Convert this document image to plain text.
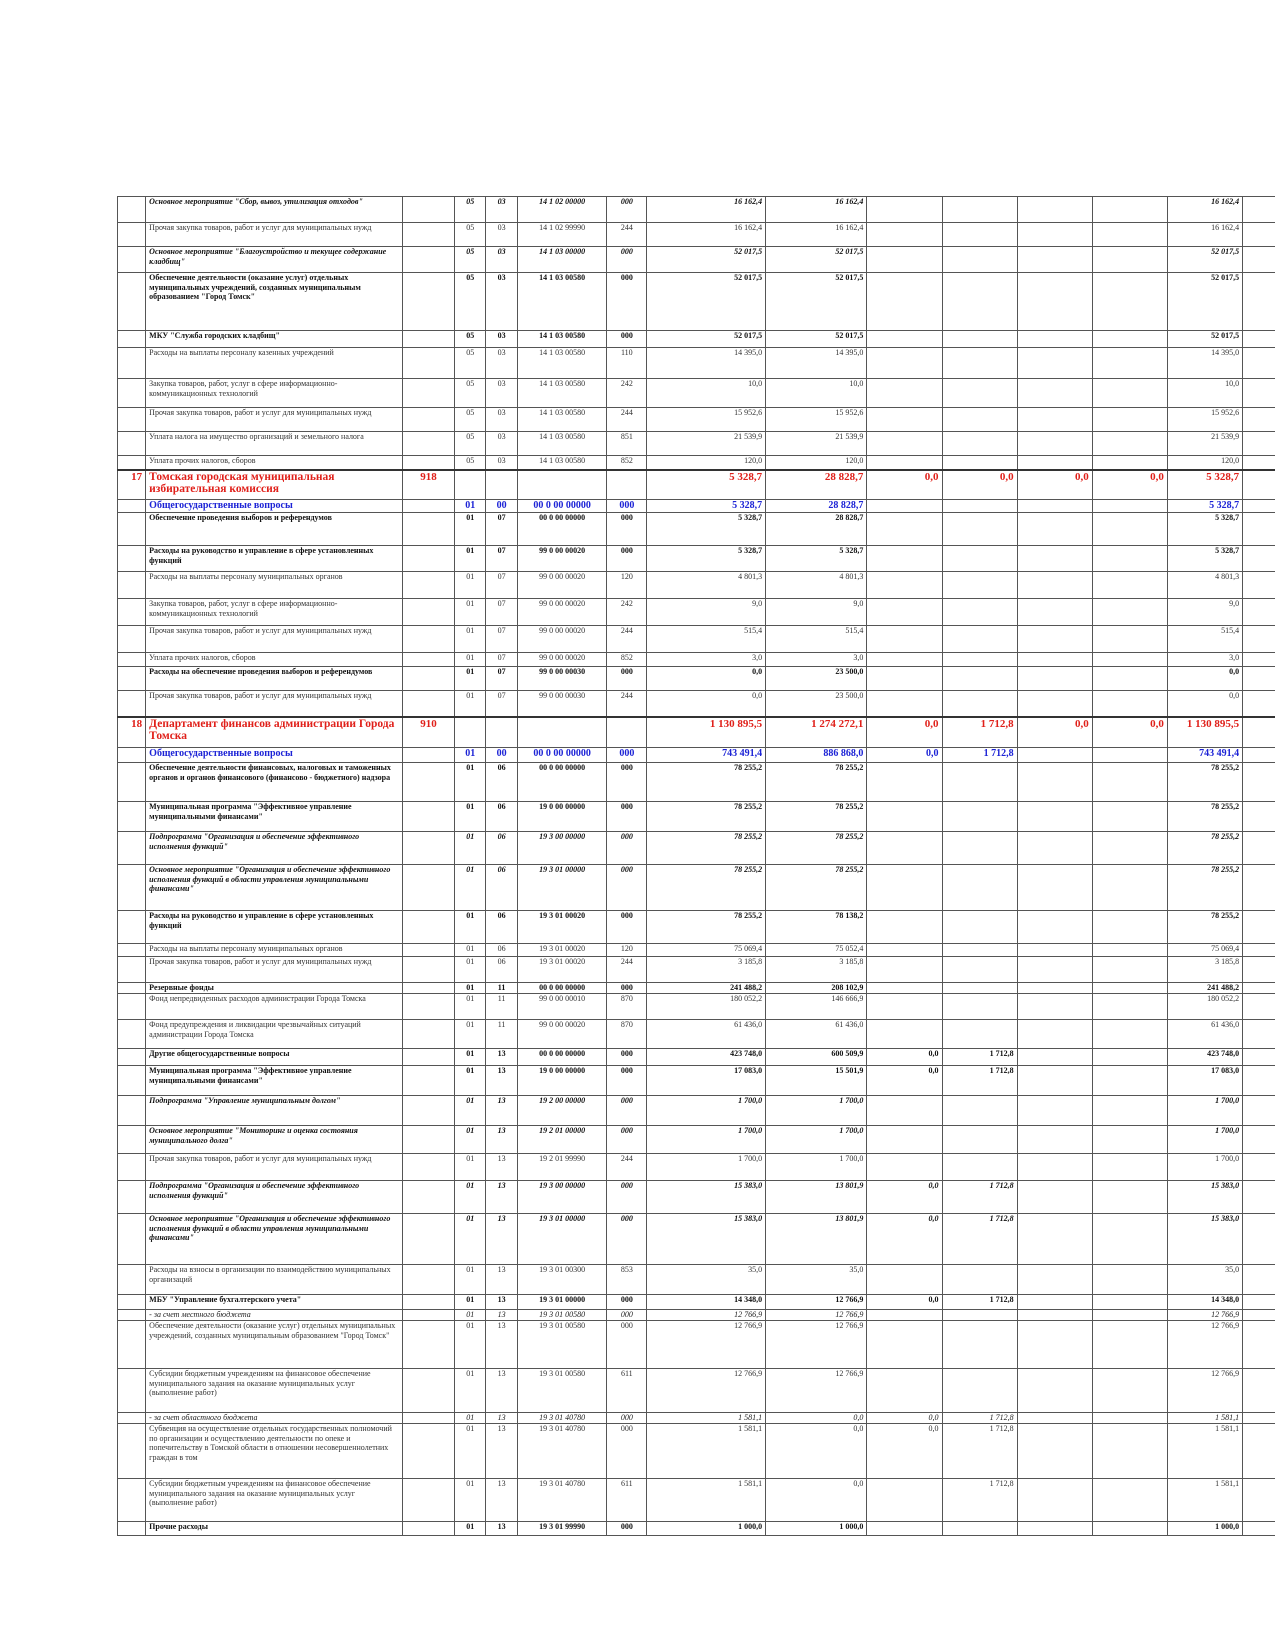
	Основное мероприятие "Сбор, вывоз, утилизация отходов"		05	03	14 1 02 00000	000	16 162,4	16 162,4					16 162,4	
	Прочая закупка товаров, работ и услуг для муниципальных нужд		05	03	14 1 02 99990	244	16 162,4	16 162,4					16 162,4	
	Основное мероприятие "Благоустройство и текущее содержание кладбищ"		05	03	14 1 03 00000	000	52 017,5	52 017,5					52 017,5	
	Обеспечение деятельности (оказание услуг) отдельных муниципальных учреждений, созданных муниципальным образованием "Город Томск"		05	03	14 1 03 00580	000	52 017,5	52 017,5					52 017,5	
	МКУ "Служба городских кладбищ"		05	03	14 1 03 00580	000	52 017,5	52 017,5					52 017,5	
	Расходы на выплаты персоналу казенных учреждений		05	03	14 1 03 00580	110	14 395,0	14 395,0					14 395,0	
	Закупка товаров, работ, услуг в сфере информационно-коммуникационных технологий		05	03	14 1 03 00580	242	10,0	10,0					10,0	
	Прочая закупка товаров, работ и услуг для муниципальных нужд		05	03	14 1 03 00580	244	15 952,6	15 952,6					15 952,6	
	Уплата налога на имущество организаций и земельного налога		05	03	14 1 03 00580	851	21 539,9	21 539,9					21 539,9	
	Уплата прочих налогов, сборов		05	03	14 1 03 00580	852	120,0	120,0					120,0	
17	Томская городская муниципальная избирательная комиссия	918					5 328,7	28 828,7	0,0	0,0	0,0	0,0	5 328,7	
	Общегосударственные вопросы		01	00	00 0 00 00000	000	5 328,7	28 828,7					5 328,7	
	Обеспечение проведения выборов и референдумов		01	07	00 0 00 00000	000	5 328,7	28 828,7					5 328,7	
	Расходы на руководство и управление в сфере установленных функций		01	07	99 0 00 00020	000	5 328,7	5 328,7					5 328,7	
	Расходы на выплаты персоналу муниципальных органов		01	07	99 0 00 00020	120	4 801,3	4 801,3					4 801,3	
	Закупка товаров, работ, услуг в сфере информационно-коммуникационных технологий		01	07	99 0 00 00020	242	9,0	9,0					9,0	
	Прочая закупка товаров, работ и услуг для муниципальных нужд		01	07	99 0 00 00020	244	515,4	515,4					515,4	
	Уплата прочих налогов, сборов		01	07	99 0 00 00020	852	3,0	3,0					3,0	
	Расходы на обеспечение проведения выборов и референдумов		01	07	99 0 00 00030	000	0,0	23 500,0					0,0	
	Прочая закупка товаров, работ и услуг для муниципальных нужд		01	07	99 0 00 00030	244	0,0	23 500,0					0,0	
18	Департамент финансов администрации Города Томска	910					1 130 895,5	1 274 272,1	0,0	1 712,8	0,0	0,0	1 130 895,5	
	Общегосударственные вопросы		01	00	00 0 00 00000	000	743 491,4	886 868,0	0,0	1 712,8			743 491,4	
	Обеспечение деятельности финансовых, налоговых и таможенных органов и органов финансового (финансово - бюджетного) надзора		01	06	00 0 00 00000	000	78 255,2	78 255,2					78 255,2	
	Муниципальная программа "Эффективное управление муниципальными финансами"		01	06	19 0 00 00000	000	78 255,2	78 255,2					78 255,2	
	Подпрограмма "Организация и обеспечение эффективного исполнения функций"		01	06	19 3 00 00000	000	78 255,2	78 255,2					78 255,2	
	Основное мероприятие "Организация и обеспечение эффективного исполнения функций в области управления муниципальными финансами"		01	06	19 3 01 00000	000	78 255,2	78 255,2					78 255,2	
	Расходы на руководство и управление в сфере установленных функций		01	06	19 3 01 00020	000	78 255,2	78 138,2					78 255,2	
	Расходы на выплаты персоналу муниципальных органов		01	06	19 3 01 00020	120	75 069,4	75 052,4					75 069,4	
	Прочая закупка товаров, работ и услуг для муниципальных нужд		01	06	19 3 01 00020	244	3 185,8	3 185,8					3 185,8	
	Резервные фонды		01	11	00 0 00 00000	000	241 488,2	208 102,9					241 488,2	
	Фонд непредвиденных расходов администрации Города Томска		01	11	99 0 00 00010	870	180 052,2	146 666,9					180 052,2	
	Фонд предупреждения и ликвидации чрезвычайных ситуаций администрации Города Томска		01	11	99 0 00 00020	870	61 436,0	61 436,0					61 436,0	
	Другие общегосударственные вопросы		01	13	00 0 00 00000	000	423 748,0	600 509,9	0,0	1 712,8			423 748,0	
	Муниципальная программа "Эффективное управление муниципальными финансами"		01	13	19 0 00 00000	000	17 083,0	15 501,9	0,0	1 712,8			17 083,0	
	Подпрограмма "Управление муниципальным долгом"		01	13	19 2 00 00000	000	1 700,0	1 700,0					1 700,0	
	Основное мероприятие "Мониторинг и оценка состояния муниципального долга"		01	13	19 2 01 00000	000	1 700,0	1 700,0					1 700,0	
	Прочая закупка товаров, работ и услуг для муниципальных нужд		01	13	19 2 01 99990	244	1 700,0	1 700,0					1 700,0	
	Подпрограмма "Организация и обеспечение эффективного исполнения функций"		01	13	19 3 00 00000	000	15 383,0	13 801,9	0,0	1 712,8			15 383,0	
	Основное мероприятие "Организация и обеспечение эффективного исполнения функций в области управления муниципальными финансами"		01	13	19 3 01 00000	000	15 383,0	13 801,9	0,0	1 712,8			15 383,0	
	Расходы на взносы в организации по взаимодействию муниципальных организаций		01	13	19 3 01 00300	853	35,0	35,0					35,0	
	МБУ "Управление бухгалтерского учета"		01	13	19 3 01 00000	000	14 348,0	12 766,9	0,0	1 712,8			14 348,0	
	- за счет местного бюджета		01	13	19 3 01 00580	000	12 766,9	12 766,9					12 766,9	
	Обеспечение деятельности (оказание услуг) отдельных муниципальных учреждений, созданных муниципальным образованием "Город Томск"		01	13	19 3 01 00580	000	12 766,9	12 766,9					12 766,9	
	Субсидии бюджетным учреждениям на финансовое обеспечение муниципального задания на оказание муниципальных услуг (выполнение работ)		01	13	19 3 01 00580	611	12 766,9	12 766,9					12 766,9	
	- за счет областного бюджета		01	13	19 3 01 40780	000	1 581,1	0,0	0,0	1 712,8			1 581,1	
	Субвенция на осуществление отдельных государственных полномочий по организации и осуществлению деятельности по опеке и попечительству в Томской области в отношении несовершеннолетних граждан в том		01	13	19 3 01 40780	000	1 581,1	0,0	0,0	1 712,8			1 581,1	
	Субсидии бюджетным учреждениям на финансовое обеспечение муниципального задания на оказание муниципальных услуг (выполнение работ)		01	13	19 3 01 40780	611	1 581,1	0,0		1 712,8			1 581,1	
	Прочие расходы		01	13	19 3 01 99990	000	1 000,0	1 000,0					1 000,0	
